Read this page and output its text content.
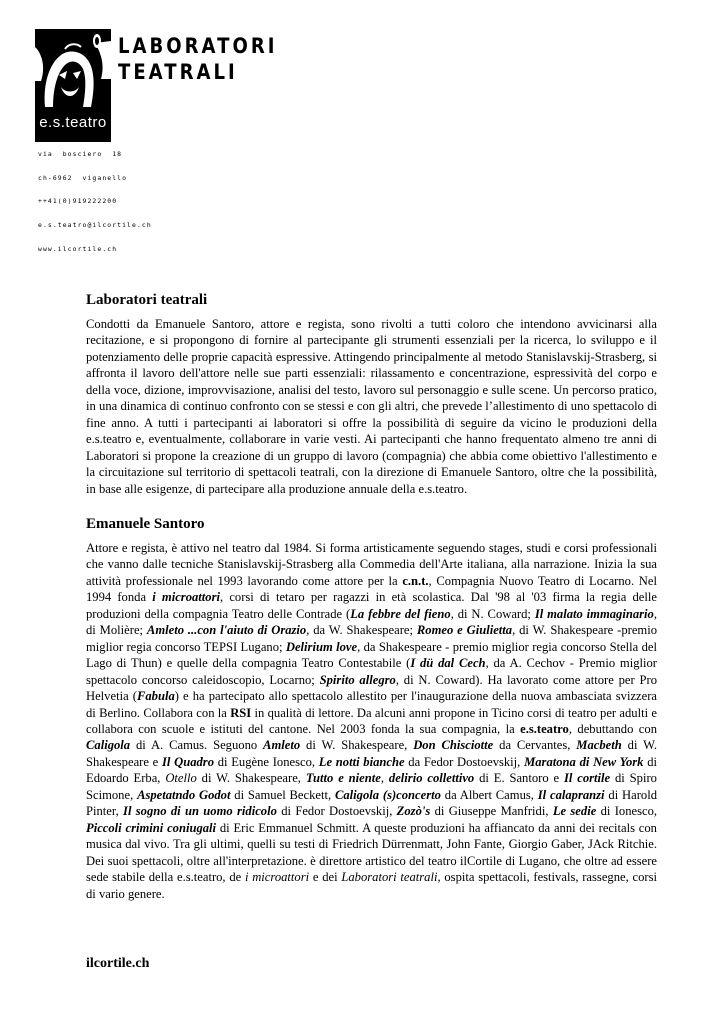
e.s.teatro
LABORATORI
TEATRALI

via  bosciero  18

ch-6962  viganello

++41(0)919222200

e.s.teatro@ilcortile.ch

www.ilcortile.ch

Laboratori teatrali

Condotti da Emanuele Santoro, attore e regista, sono rivolti a tutti coloro che intendono avvicinarsi alla recitazione, e si propongono di fornire al partecipante gli strumenti essenziali per la ricerca, lo sviluppo e il potenziamento delle proprie capacità espressive. Attingendo principalmente al metodo Stanislavskij-Strasberg, si affronta il lavoro dell'attore nelle sue parti essenziali: rilassamento e concentrazione, espressività del corpo e della voce, dizione, improvvisazione, analisi del testo, lavoro sul personaggio e sulle scene. Un percorso pratico, in una dinamica di continuo confronto con se stessi e con gli altri, che prevede l’allestimento di uno spettacolo di fine anno. A tutti i partecipanti ai laboratori si offre la possibilità di seguire da vicino le produzioni della e.s.teatro e, eventualmente, collaborare in varie vesti. Ai partecipanti che hanno frequentato almeno tre anni di Laboratori si propone la creazione di un gruppo di lavoro (compagnia) che abbia come obiettivo l'allestimento e la circuitazione sul territorio di spettacoli teatrali, con la direzione di Emanuele Santoro, oltre che la possibilità, in base alle esigenze, di partecipare alla produzione annuale della e.s.teatro.

Emanuele Santoro

Attore e regista, è attivo nel teatro dal 1984. Si forma artisticamente seguendo stages, studi e corsi professionali che vanno dalle tecniche Stanislavskij-Strasberg alla Commedia dell'Arte italiana, alla narrazione. Inizia la sua attività professionale nel 1993 lavorando come attore per la c.n.t., Compagnia Nuovo Teatro di Locarno. Nel 1994 fonda i microattori, corsi di tetaro per ragazzi in età scolastica. Dal '98 al '03 firma la regia delle produzioni della compagnia Teatro delle Contrade (La febbre del fieno, di N. Coward; Il malato immaginario, di Molière; Amleto ...con l'aiuto di Orazio, da W. Shakespeare; Romeo e Giulietta, di W. Shakespeare -premio miglior regia concorso TEPSI Lugano; Delirium love, da Shakespeare - premio miglior regia concorso Stella del Lago di Thun) e quelle della compagnia Teatro Contestabile (I dü dal Cech, da A. Cechov - Premio miglior spettacolo concorso caleidoscopio, Locarno; Spirito allegro, di N. Coward). Ha lavorato come attore per Pro Helvetia (Fabula) e ha partecipato allo spettacolo allestito per l'inaugurazione della nuova ambasciata svizzera di Berlino. Collabora con la RSI in qualità di lettore. Da alcuni anni propone in Ticino corsi di teatro per adulti e collabora con scuole e istituti del cantone. Nel 2003 fonda la sua compagnia, la e.s.teatro, debuttando con Caligola di A. Camus. Seguono Amleto di W. Shakespeare, Don Chisciotte da Cervantes, Macbeth di W. Shakespeare e Il Quadro di Eugène Ionesco, Le notti bianche da Fedor Dostoevskij, Maratona di New York di Edoardo Erba, Otello di W. Shakespeare, Tutto e niente, delirio collettivo di E. Santoro e Il cortile di Spiro Scimone, Aspetatndo Godot di Samuel Beckett, Caligola (s)concerto da Albert Camus, Il calapranzi di Harold Pinter, Il sogno di un uomo ridicolo di Fedor Dostoevskij, Zozò's di Giuseppe Manfridi, Le sedie di Ionesco, Piccoli crimini coniugali di Eric Emmanuel Schmitt. A queste produzioni ha affiancato da anni dei recitals con musica dal vivo. Tra gli ultimi, quelli su testi di Friedrich Dürrenmatt, John Fante, Giorgio Gaber, JAck Ritchie. Dei suoi spettacoli, oltre all'interpretazione. è direttore artistico del teatro ilCortile di Lugano, che oltre ad essere sede stabile della e.s.teatro, de i microattori e dei Laboratori teatrali, ospita spettacoli, festivals, rassegne, corsi di vario genere.

ilcortile.ch
